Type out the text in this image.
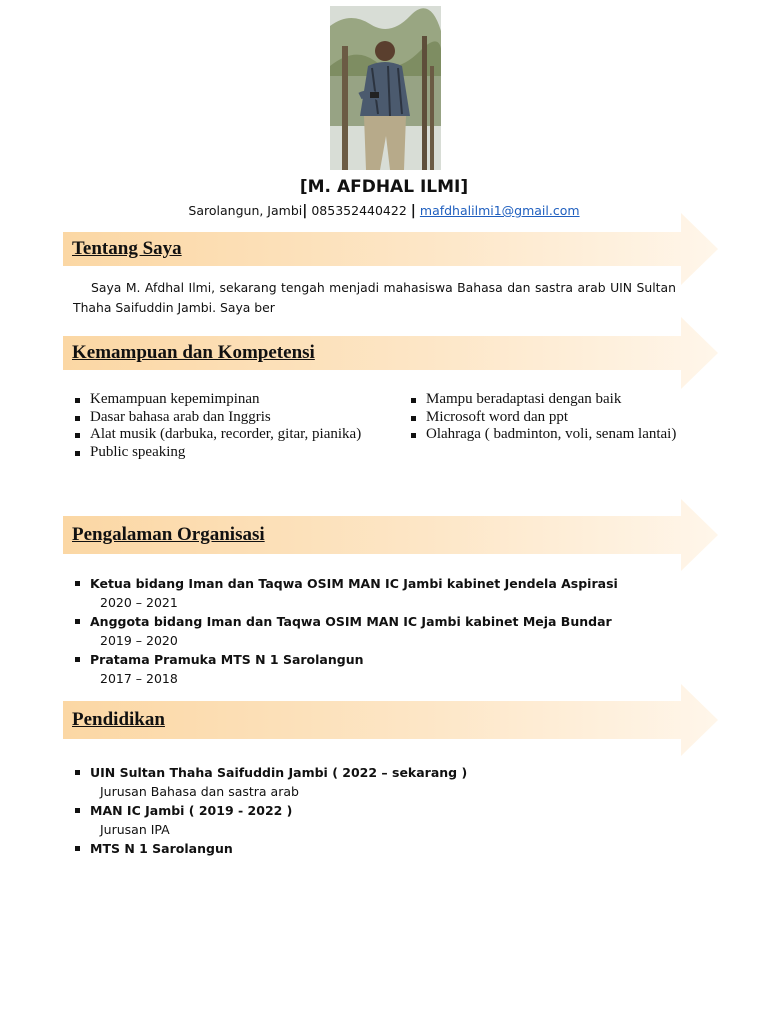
[M. AFDHAL ILMI]
Sarolangun, Jambi| 085352440422 | mafdhalilmi1@gmail.com
Tentang Saya
Saya M. Afdhal Ilmi, sekarang tengah menjadi mahasiswa Bahasa dan sastra arab UIN Sultan Thaha Saifuddin Jambi. Saya ber
Kemampuan dan Kompetensi
Kemampuan kepemimpinan
Dasar bahasa arab dan Inggris
Alat musik (darbuka, recorder, gitar, pianika)
Public speaking
Mampu beradaptasi dengan baik
Microsoft word dan ppt
Olahraga ( badminton, voli, senam lantai)
Pengalaman Organisasi
Ketua bidang Iman dan Taqwa OSIM MAN IC Jambi kabinet Jendela Aspirasi
2020 – 2021
Anggota bidang Iman dan Taqwa OSIM MAN IC Jambi kabinet Meja Bundar
2019 – 2020
Pratama Pramuka MTS N 1 Sarolangun
2017 – 2018
Pendidikan
UIN Sultan Thaha Saifuddin Jambi ( 2022 – sekarang )
Jurusan Bahasa dan sastra arab
MAN IC Jambi ( 2019 - 2022 )
Jurusan IPA
MTS N 1 Sarolangun
